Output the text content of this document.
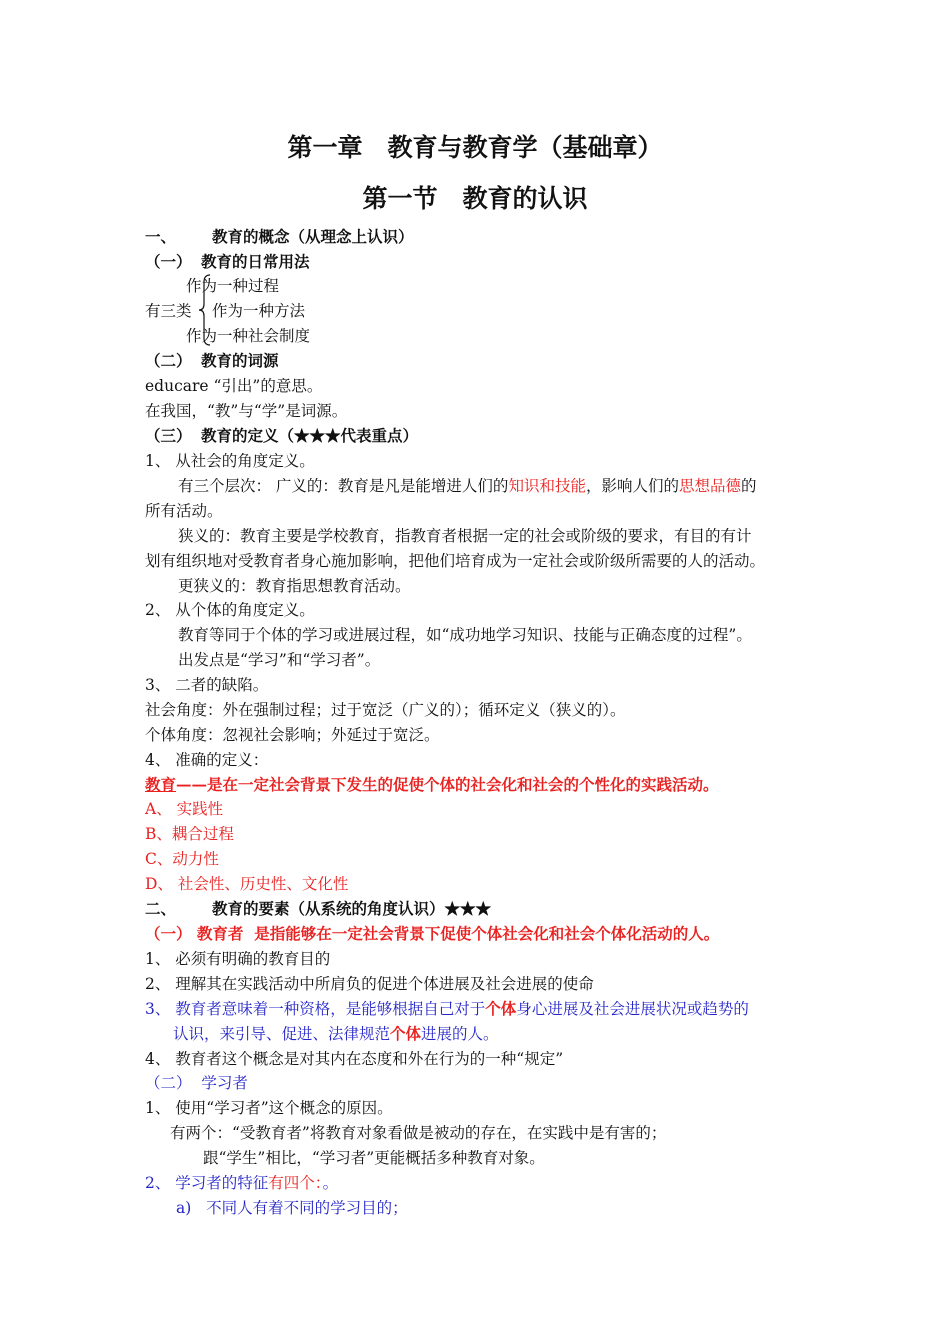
第一章　教育与教育学（基础章）
第一节　教育的认识
一、 教育的概念（从理念上认识）
（一） 教育的日常用法
作为一种过程
有三类 作为一种方法
作为一种社会制度
（二） 教育的词源
educare “引出”的意思。
在我国，“教”与“学”是词源。
（三） 教育的定义（★★★代表重点）
1、 从社会的角度定义。
有三个层次： 广义的：教育是凡是能增进人们的知识和技能，影响人们的思想品德的
所有活动。
狭义的：教育主要是学校教育，指教育者根据一定的社会或阶级的要求，有目的有计
划有组织地对受教育者身心施加影响，把他们培育成为一定社会或阶级所需要的人的活动。
更狭义的：教育指思想教育活动。
2、 从个体的角度定义。
教育等同于个体的学习或进展过程，如“成功地学习知识、技能与正确态度的过程”。
出发点是“学习”和“学习者”。
3、 二者的缺陷。
社会角度：外在强制过程；过于宽泛（广义的）；循环定义（狭义的）。
个体角度：忽视社会影响；外延过于宽泛。
4、 准确的定义：
教育——是在一定社会背景下发生的促使个体的社会化和社会的个性化的实践活动。
A、 实践性
B、耦合过程
C、动力性
D、 社会性、历史性、文化性
二、 教育的要素（从系统的角度认识）★★★
（一） 教育者 是指能够在一定社会背景下促使个体社会化和社会个体化活动的人。
1、 必须有明确的教育目的
2、 理解其在实践活动中所肩负的促进个体进展及社会进展的使命
3、 教育者意味着一种资格，是能够根据自己对于个体身心进展及社会进展状况或趋势的
认识，来引导、促进、法律规范个体进展的人。
4、 教育者这个概念是对其内在态度和外在行为的一种“规定”
（二） 学习者
1、 使用“学习者”这个概念的原因。
有两个：“受教育者”将教育对象看做是被动的存在，在实践中是有害的；
跟“学生”相比，“学习者”更能概括多种教育对象。
2、 学习者的特征有四个：。
a) 不同人有着不同的学习目的；
